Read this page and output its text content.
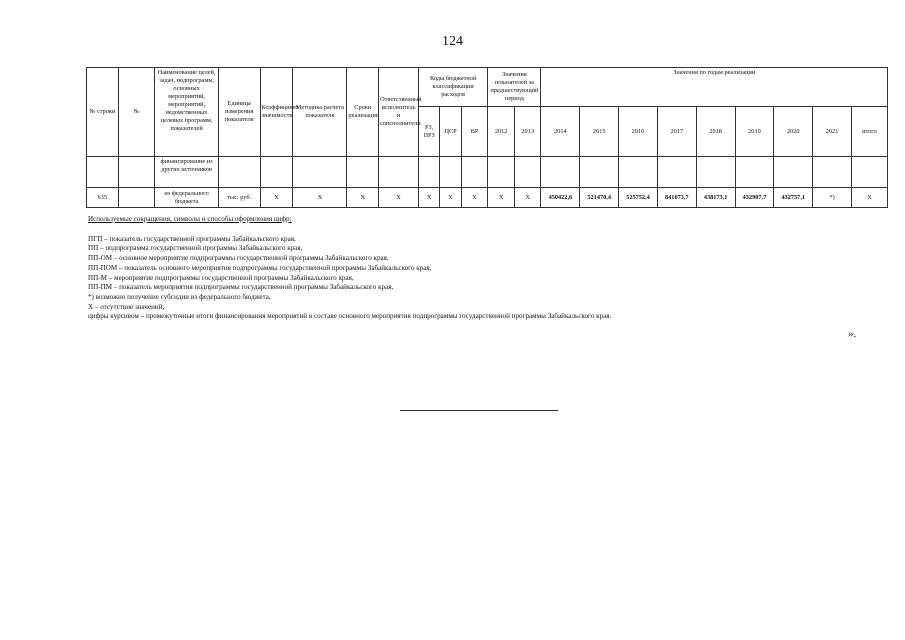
124
№ строки	№	Наименование целей, задач, подпрограмм, основных мероприятий, мероприятий, ведомственных целевых программ, показателей	Единица измерения показателя	Коэффициент значимости	Методика расчета показателя	Сроки реализации	Ответственный исполнитель и соисполнители	Коды бюджетной классификации расходов			Значения показателей за предшествующий период		Значения по годам реализации								
								РЗ, ПРЗ	ЦСР	ВР	2012	2013	2014	2015	2016	2017	2018	2019	2020	2021	итого
		финансирование из других источников																			
635		из федерального бюджета	тыс. руб.	X	X	X	X	X	X	X	X	X	450422,6	521470,4	525752,4	841073,7	438173,1	432907,7	432757,1	*)	X
Используемые сокращения, символы и способы оформления цифр:
ПГП – показатель государственной программы Забайкальского края,
ПП – подпрограмма государственной программы Забайкальского края,
ПП-ОМ – основное мероприятие подпрограммы государственной программы Забайкальского края,
ПП-ПОМ – показатель основного мероприятия подпрограммы государственной программы Забайкальского края,
ПП-М – мероприятие подпрограммы государственной программы Забайкальского края,
ПП-ПМ – показатель мероприятия подпрограммы государственной программы Забайкальского края,
*) возможно получение субсидии из федерального бюджета,
Х – отсутствие значений;
цифры курсивом – промежуточные итоги финансирования мероприятий в составе основного мероприятия подпрограммы государственной программы Забайкальского края.
».
